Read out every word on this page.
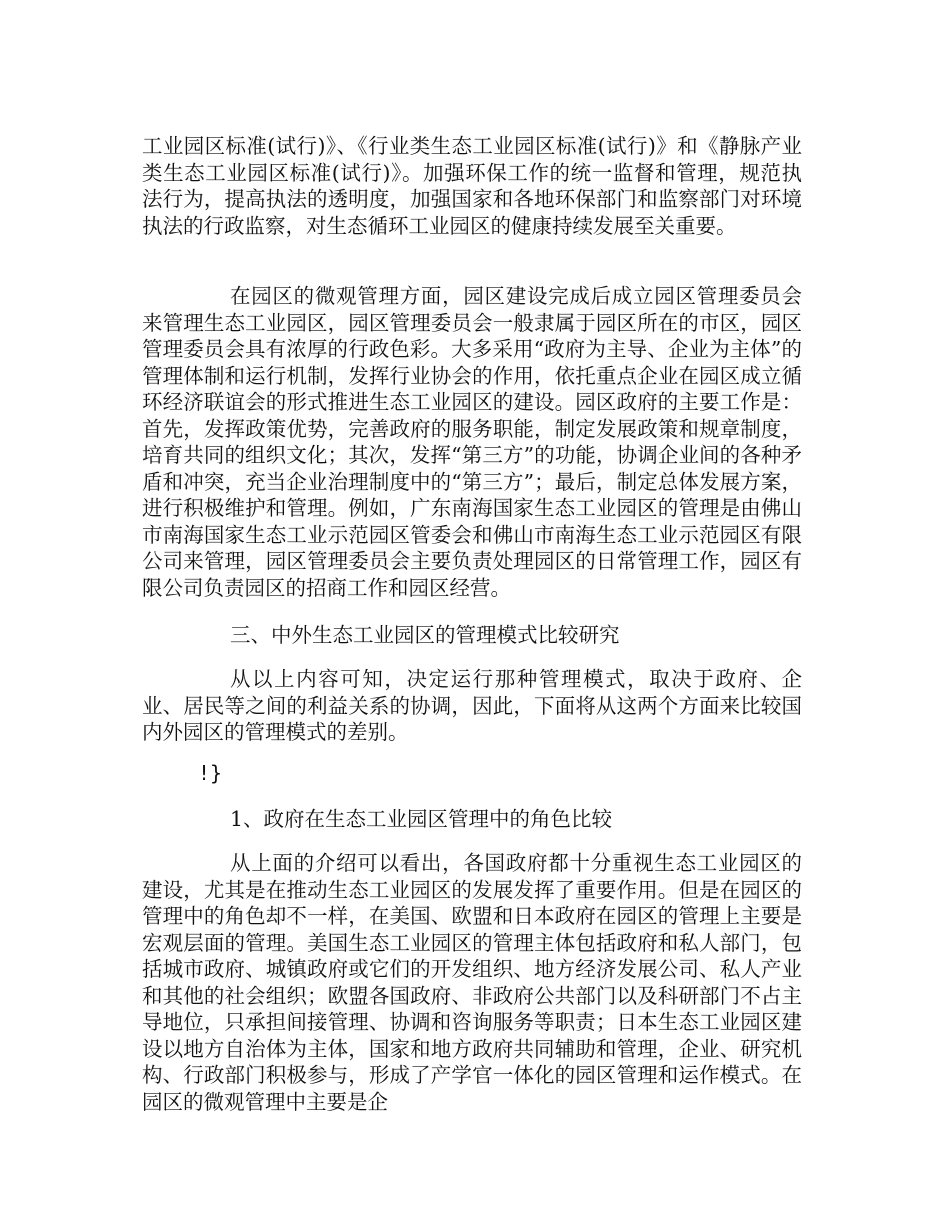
工业园区标准(试行)》、《行业类生态工业园区标准(试行)》和《静脉产业类生态工业园区标准(试行)》。加强环保工作的统一监督和管理，规范执法行为，提高执法的透明度，加强国家和各地环保部门和监察部门对环境执法的行政监察，对生态循环工业园区的健康持续发展至关重要。

在园区的微观管理方面，园区建设完成后成立园区管理委员会来管理生态工业园区，园区管理委员会一般隶属于园区所在的市区，园区管理委员会具有浓厚的行政色彩。大多采用“政府为主导、企业为主体”的管理体制和运行机制，发挥行业协会的作用，依托重点企业在园区成立循环经济联谊会的形式推进生态工业园区的建设。园区政府的主要工作是：首先，发挥政策优势，完善政府的服务职能，制定发展政策和规章制度，培育共同的组织文化；其次，发挥“第三方”的功能，协调企业间的各种矛盾和冲突，充当企业治理制度中的“第三方”；最后，制定总体发展方案，进行积极维护和管理。例如，广东南海国家生态工业园区的管理是由佛山市南海国家生态工业示范园区管委会和佛山市南海生态工业示范园区有限公司来管理，园区管理委员会主要负责处理园区的日常管理工作，园区有限公司负责园区的招商工作和园区经营。

三、中外生态工业园区的管理模式比较研究

从以上内容可知，决定运行那种管理模式，取决于政府、企业、居民等之间的利益关系的协调，因此，下面将从这两个方面来比较国内外园区的管理模式的差别。

!}

1、政府在生态工业园区管理中的角色比较

从上面的介绍可以看出，各国政府都十分重视生态工业园区的建设，尤其是在推动生态工业园区的发展发挥了重要作用。但是在园区的管理中的角色却不一样，在美国、欧盟和日本政府在园区的管理上主要是宏观层面的管理。美国生态工业园区的管理主体包括政府和私人部门，包括城市政府、城镇政府或它们的开发组织、地方经济发展公司、私人产业和其他的社会组织；欧盟各国政府、非政府公共部门以及科研部门不占主导地位，只承担间接管理、协调和咨询服务等职责；日本生态工业园区建设以地方自治体为主体，国家和地方政府共同辅助和管理，企业、研究机构、行政部门积极参与，形成了产学官一体化的园区管理和运作模式。在园区的微观管理中主要是企
